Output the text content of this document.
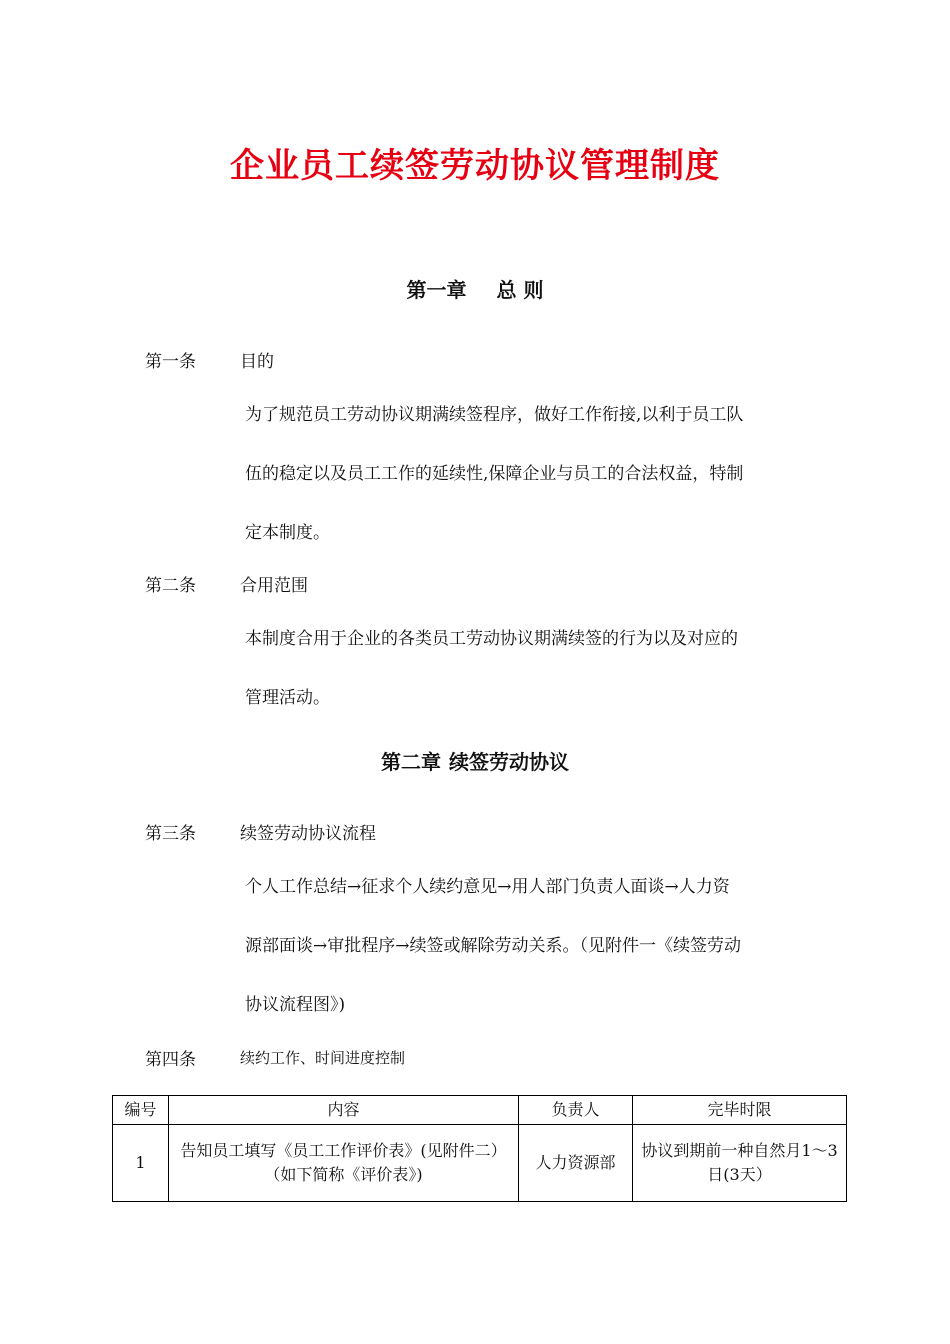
企业员工续签劳动协议管理制度
第一章 总 则
第一条	目的
为了规范员工劳动协议期满续签程序，做好工作衔接,以利于员工队
伍的稳定以及员工工作的延续性,保障企业与员工的合法权益，特制
定本制度。
第二条	合用范围
本制度合用于企业的各类员工劳动协议期满续签的行为以及对应的
管理活动。
第二章 续签劳动协议
第三条	续签劳动协议流程
个人工作总结→征求个人续约意见→用人部门负责人面谈→人力资
源部面谈→审批程序→续签或解除劳动关系。（见附件一《续签劳动
协议流程图》)
第四条	续约工作、时间进度控制
编号	内容	负责人	完毕时限
1	告知员工填写《员工工作评价表》(见附件二）（如下简称《评价表》)	人力资源部	协议到期前一种自然月1～3日(3天）
